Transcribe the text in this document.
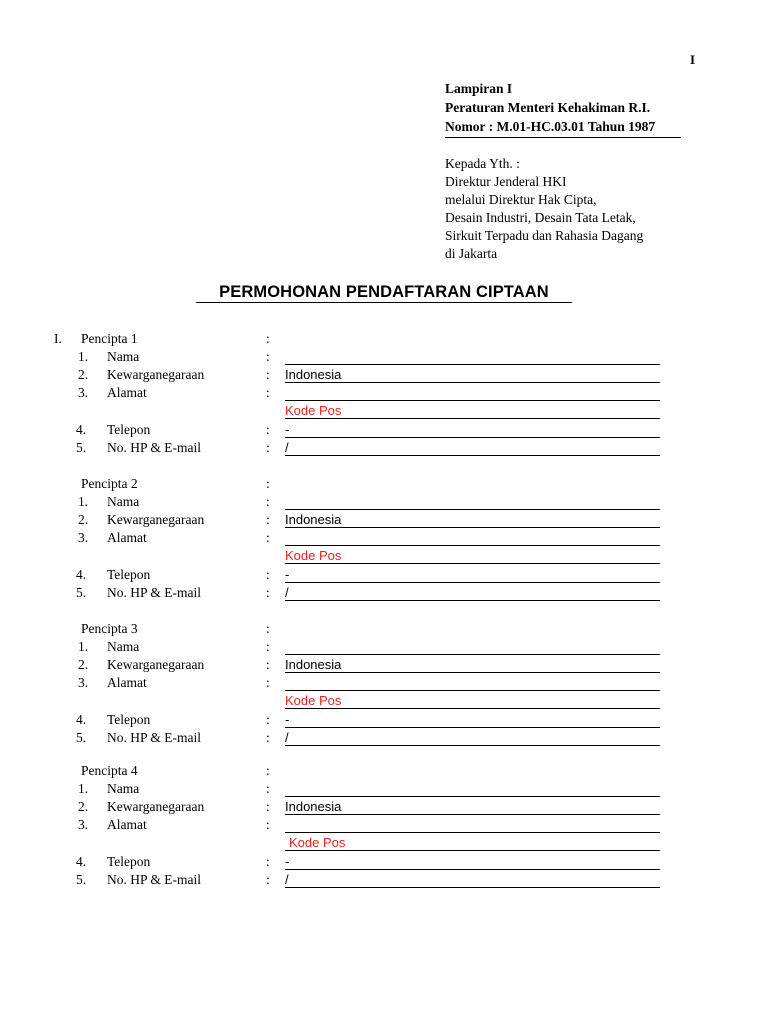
I
Lampiran I
Peraturan Menteri Kehakiman R.I.
Nomor : M.01-HC.03.01 Tahun 1987
Kepada Yth. :
Direktur Jenderal HKI
melalui Direktur Hak Cipta,
Desain Industri, Desain Tata Letak,
Sirkuit Terpadu dan Rahasia Dagang
di Jakarta
PERMOHONAN PENDAFTARAN CIPTAAN
I. Pencipta 1	:
1. Nama	:
2. Kewarganegaraan	: Indonesia
3. Alamat	:
Kode Pos
4. Telepon	: -
5. No. HP & E-mail	: /
Pencipta 2	:
1. Nama	:
2. Kewarganegaraan	: Indonesia
3. Alamat	:
Kode Pos
4. Telepon	: -
5. No. HP & E-mail	: /
Pencipta 3	:
1. Nama	:
2. Kewarganegaraan	: Indonesia
3. Alamat	:
Kode Pos
4. Telepon	: -
5. No. HP & E-mail	: /
Pencipta 4	:
1. Nama	:
2. Kewarganegaraan	: Indonesia
3. Alamat	:
Kode Pos
4. Telepon	: -
5. No. HP & E-mail	: /
